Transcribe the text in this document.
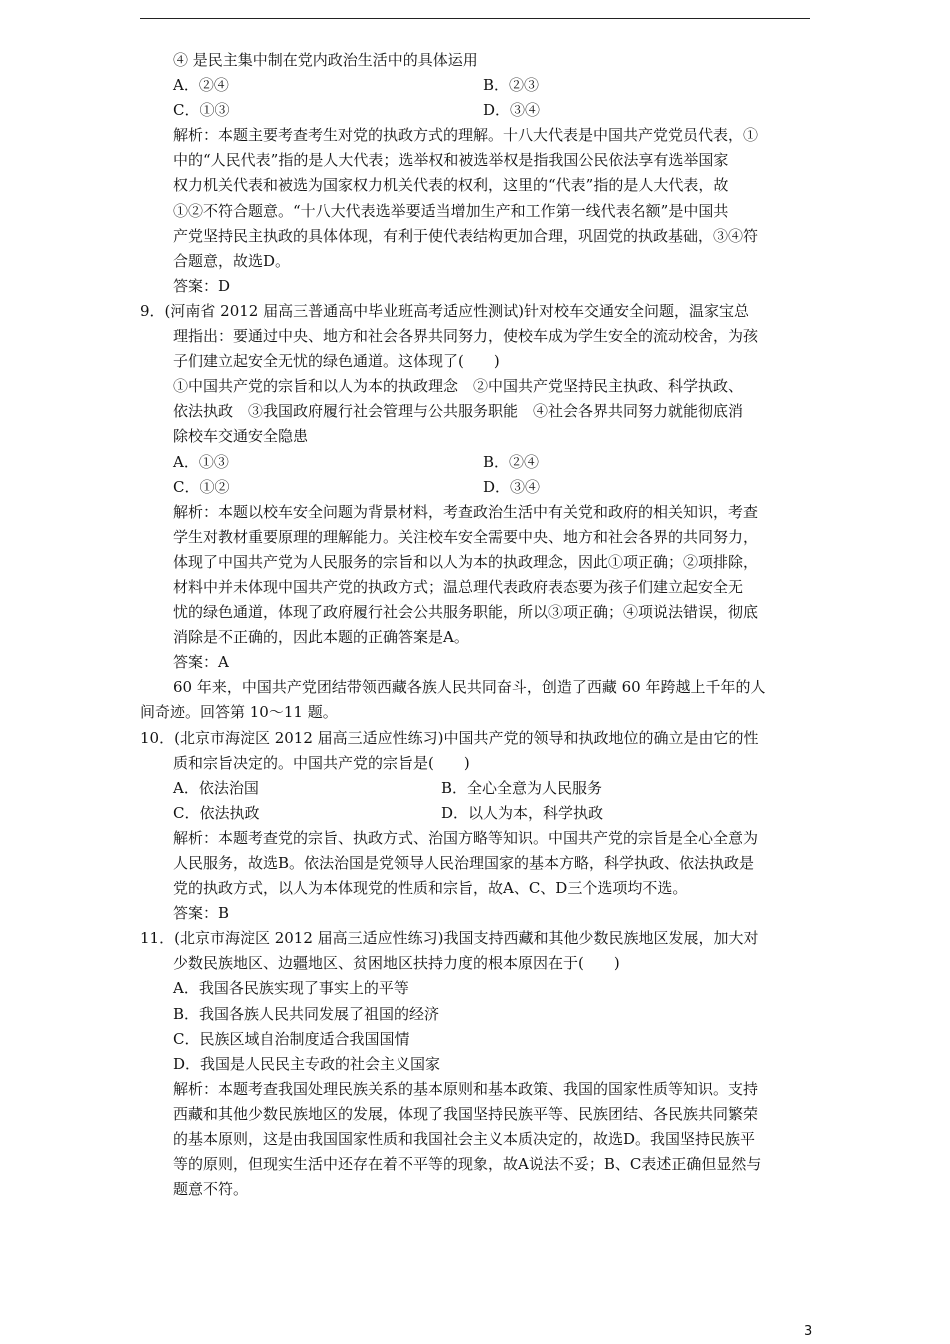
④ 是民主集中制在党内政治生活中的具体运用
A．②④	B．②③
C．①③	D．③④
解析：本题主要考查考生对党的执政方式的理解。十八大代表是中国共产党党员代表，①
中的“人民代表”指的是人大代表；选举权和被选举权是指我国公民依法享有选举国家
权力机关代表和被选为国家权力机关代表的权利，这里的“代表”指的是人大代表，故
①②不符合题意。“十八大代表选举要适当增加生产和工作第一线代表名额”是中国共
产党坚持民主执政的具体体现，有利于使代表结构更加合理，巩固党的执政基础，③④符
合题意，故选D。
答案：D
9．(河南省 2012 届高三普通高中毕业班高考适应性测试)针对校车交通安全问题，温家宝总
理指出：要通过中央、地方和社会各界共同努力，使校车成为学生安全的流动校舍，为孩
子们建立起安全无忧的绿色通道。这体现了(　　)
①中国共产党的宗旨和以人为本的执政理念　②中国共产党坚持民主执政、科学执政、
依法执政　③我国政府履行社会管理与公共服务职能　④社会各界共同努力就能彻底消
除校车交通安全隐患
A．①③	B．②④
C．①②	D．③④
解析：本题以校车安全问题为背景材料，考查政治生活中有关党和政府的相关知识，考查
学生对教材重要原理的理解能力。关注校车安全需要中央、地方和社会各界的共同努力，
体现了中国共产党为人民服务的宗旨和以人为本的执政理念，因此①项正确；②项排除，
材料中并未体现中国共产党的执政方式；温总理代表政府表态要为孩子们建立起安全无
忧的绿色通道，体现了政府履行社会公共服务职能，所以③项正确；④项说法错误，彻底
消除是不正确的，因此本题的正确答案是A。
答案：A
60 年来，中国共产党团结带领西藏各族人民共同奋斗，创造了西藏 60 年跨越上千年的人
间奇迹。回答第 10～11 题。
10．(北京市海淀区 2012 届高三适应性练习)中国共产党的领导和执政地位的确立是由它的性
质和宗旨决定的。中国共产党的宗旨是(　　)
A．依法治国	B．全心全意为人民服务
C．依法执政	D．以人为本，科学执政
解析：本题考查党的宗旨、执政方式、治国方略等知识。中国共产党的宗旨是全心全意为
人民服务，故选B。依法治国是党领导人民治理国家的基本方略，科学执政、依法执政是
党的执政方式，以人为本体现党的性质和宗旨，故A、C、D三个选项均不选。
答案：B
11．(北京市海淀区 2012 届高三适应性练习)我国支持西藏和其他少数民族地区发展，加大对
少数民族地区、边疆地区、贫困地区扶持力度的根本原因在于(　　)
A．我国各民族实现了事实上的平等
B．我国各族人民共同发展了祖国的经济
C．民族区域自治制度适合我国国情
D．我国是人民民主专政的社会主义国家
解析：本题考查我国处理民族关系的基本原则和基本政策、我国的国家性质等知识。支持
西藏和其他少数民族地区的发展，体现了我国坚持民族平等、民族团结、各民族共同繁荣
的基本原则，这是由我国国家性质和我国社会主义本质决定的，故选D。我国坚持民族平
等的原则，但现实生活中还存在着不平等的现象，故A说法不妥；B、C表述正确但显然与
题意不符。
3
